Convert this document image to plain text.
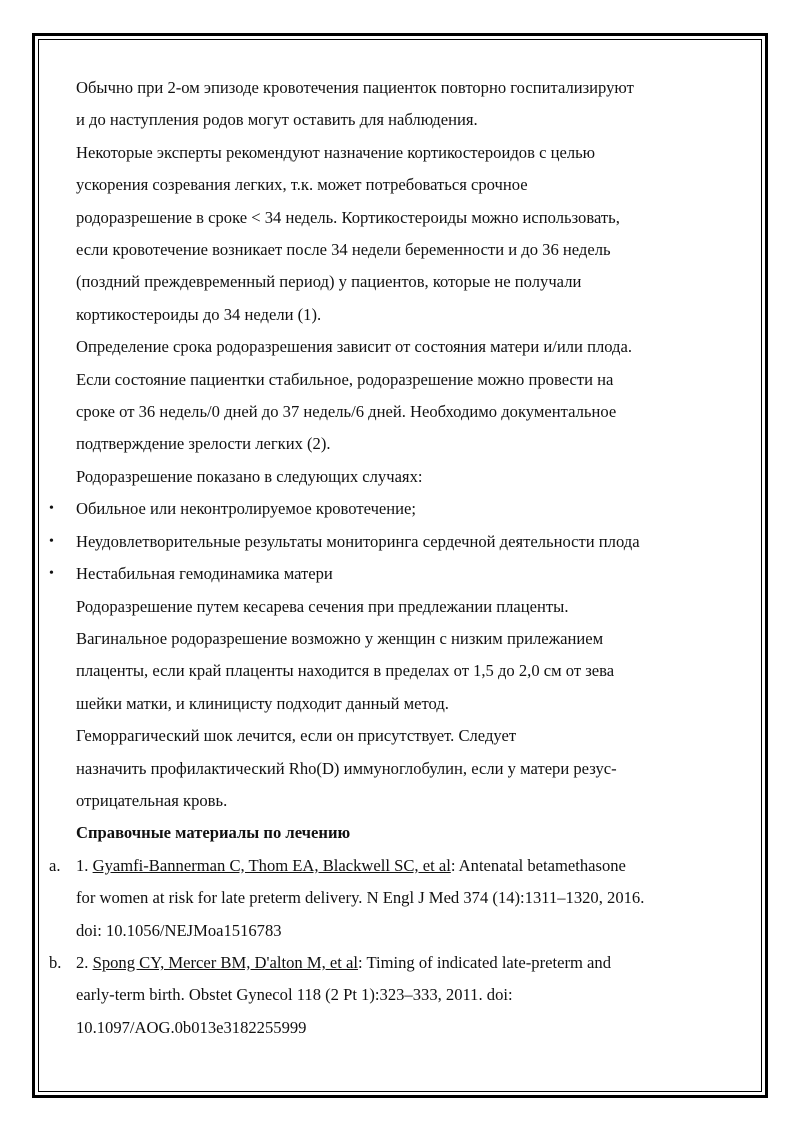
Обычно при 2-ом эпизоде кровотечения пациенток повторно госпитализируют
и до наступления родов могут оставить для наблюдения.
Некоторые эксперты рекомендуют назначение кортикостероидов с целью
ускорения созревания легких, т.к. может потребоваться срочное
родоразрешение в сроке < 34 недель. Кортикостероиды можно использовать,
если кровотечение возникает после 34 недели беременности и до 36 недель
(поздний преждевременный период) у пациентов, которые не получали
кортикостероиды до 34 недели (1).
Определение срока родоразрешения зависит от состояния матери и/или плода.
Если состояние пациентки стабильное, родоразрешение можно провести на
сроке от 36 недель/0 дней до 37 недель/6 дней. Необходимо документальное
подтверждение зрелости легких (2).
Родоразрешение показано в следующих случаях:
•	Обильное или неконтролируемое кровотечение;
•	Неудовлетворительные результаты мониторинга сердечной деятельности плода
•	Нестабильная гемодинамика матери
Родоразрешение путем кесарева сечения при предлежании плаценты.
Вагинальное родоразрешение возможно у женщин с низким прилежанием
плаценты, если край плаценты находится в пределах от 1,5 до 2,0 см от зева
шейки матки, и клиницисту подходит данный метод.
Геморрагический шок лечится, если он присутствует. Следует
назначить профилактический Rho(D) иммуноглобулин, если у матери резус-
отрицательная кровь.
Справочные материалы по лечению
a. 1. Gyamfi-Bannerman C, Thom EA, Blackwell SC, et al: Antenatal betamethasone
for women at risk for late preterm delivery. N Engl J Med 374 (14):1311–1320, 2016.
doi: 10.1056/NEJMoa1516783
b. 2. Spong CY, Mercer BM, D'alton M, et al: Timing of indicated late-preterm and
early-term birth. Obstet Gynecol 118 (2 Pt 1):323–333, 2011. doi:
10.1097/AOG.0b013e3182255999
